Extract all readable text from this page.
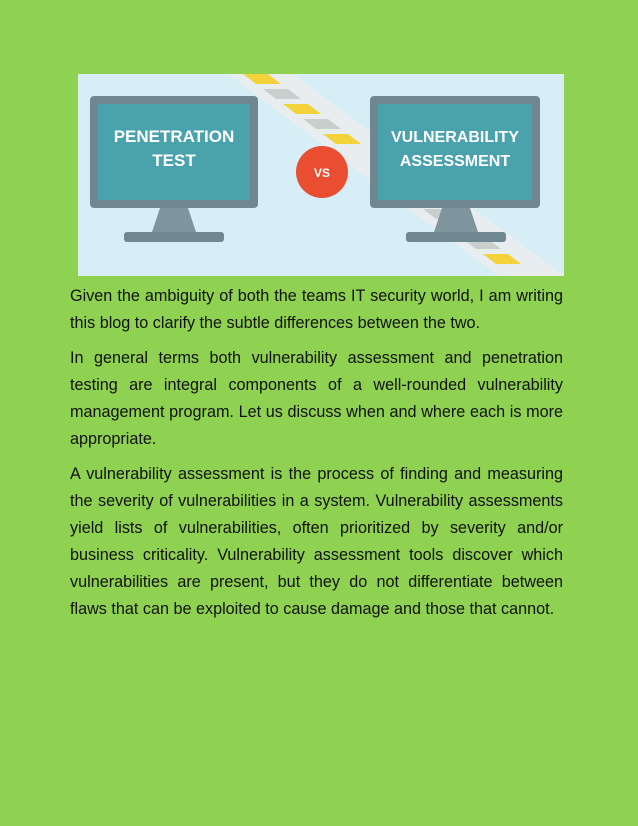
PENETRATION
TEST
VS
VULNERABILITY
ASSESSMENT

Given the ambiguity of both the teams IT security world, I am writing this blog to clarify the subtle differences between the two.

In general terms both vulnerability assessment and penetration testing are integral components of a well-rounded vulnerability management program. Let us discuss when and where each is more appropriate.

A vulnerability assessment is the process of finding and measuring the severity of vulnerabilities in a system. Vulnerability assessments yield lists of vulnerabilities, often prioritized by severity and/or business criticality. Vulnerability assessment tools discover which vulnerabilities are present, but they do not differentiate between flaws that can be exploited to cause damage and those that cannot.
